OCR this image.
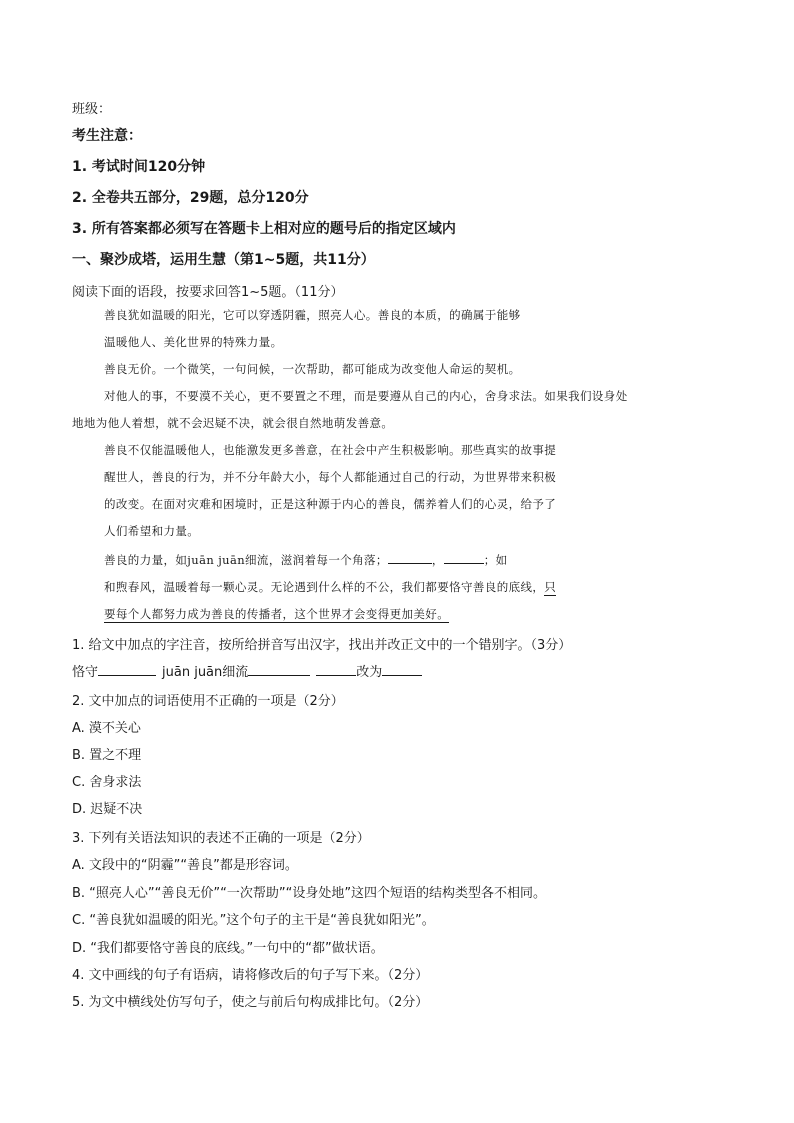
班级：
考生注意：
1. 考试时间120分钟
2. 全卷共五部分，29题，总分120分
3. 所有答案都必须写在答题卡上相对应的题号后的指定区域内
一、聚沙成塔，运用生慧（第1~5题，共11分）
阅读下面的语段，按要求回答1~5题。（11分）
善良犹如温暖的阳光，它可以穿透阴霾，照亮人心。善良的本质，的确属于能够
温暖他人、美化世界的特殊力量。
善良无价。一个微笑，一句问候，一次帮助，都可能成为改变他人命运的契机。
对他人的事，不要漠不关心，更不要置之不理，而是要遵从自己的内心，舍身求法。如果我们设身处
地地为他人着想，就不会迟疑不决，就会很自然地萌发善意。
善良不仅能温暖他人，也能激发更多善意，在社会中产生积极影响。那些真实的故事提
醒世人，善良的行为，并不分年龄大小，每个人都能通过自己的行动，为世界带来积极
的改变。在面对灾难和困境时，正是这种源于内心的善良，儒养着人们的心灵，给予了
人们希望和力量。
善良的力量，如juān juān细流，滋润着每一个角落；	，	；如
和煦春风，温暖着每一颗心灵。无论遇到什么样的不公，我们都要恪守善良的底线，只
要每个人都努力成为善良的传播者，这个世界才会变得更加美好。
1. 给文中加点的字注音，按所给拼音写出汉字，找出并改正文中的一个错别字。（3分）
恪守	juān juān细流	改为
2. 文中加点的词语使用不正确的一项是（2分）
A. 漠不关心
B. 置之不理
C. 舍身求法
D. 迟疑不决
3. 下列有关语法知识的表述不正确的一项是（2分）
A. 文段中的“阴霾”“善良”都是形容词。
B. “照亮人心”“善良无价”“一次帮助”“设身处地”这四个短语的结构类型各不相同。
C. “善良犹如温暖的阳光。”这个句子的主干是“善良犹如阳光”。
D. “我们都要恪守善良的底线。”一句中的“都”做状语。
4. 文中画线的句子有语病，请将修改后的句子写下来。（2分）
5. 为文中横线处仿写句子，使之与前后句构成排比句。（2分）
